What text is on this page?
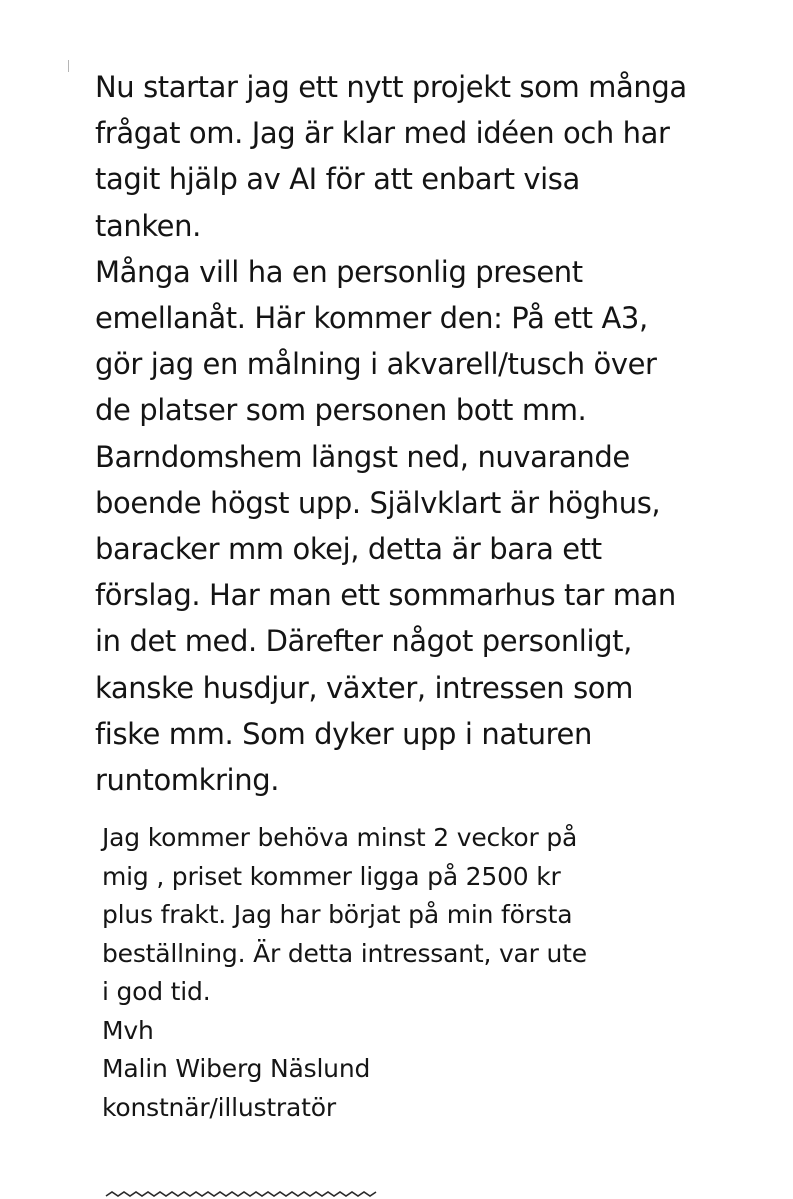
Nu startar jag ett nytt projekt som många
frågat om. Jag är klar med idéen och har
tagit hjälp av AI för att enbart visa
tanken.
Många vill ha en personlig present
emellanåt. Här kommer den: På ett A3,
gör jag en målning i akvarell/tusch över
de platser som personen bott mm.
Barndomshem längst ned, nuvarande
boende högst upp. Självklart är höghus,
baracker mm okej, detta är bara ett
förslag. Har man ett sommarhus tar man
in det med. Därefter något personligt,
kanske husdjur, växter, intressen som
fiske mm. Som dyker upp i naturen
runtomkring.
Jag kommer behöva minst 2 veckor på
mig , priset kommer ligga på 2500 kr
plus frakt. Jag har börjat på min första
beställning. Är detta intressant, var ute
i god tid.
Mvh
Malin Wiberg Näslund
konstnär/illustratör
